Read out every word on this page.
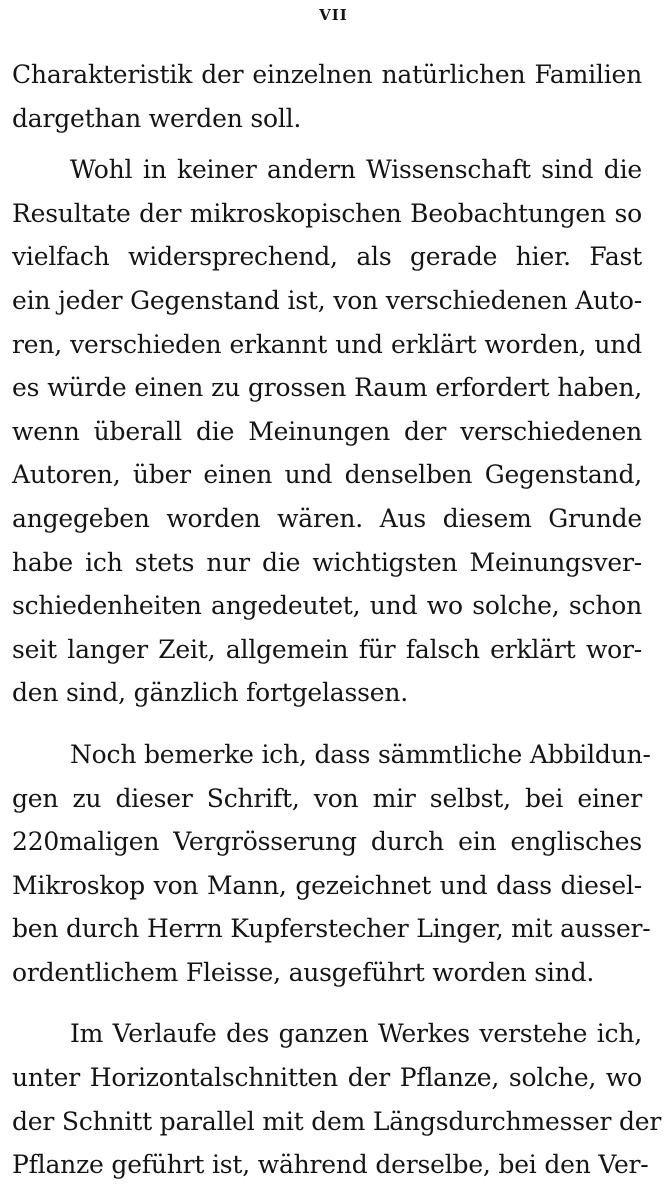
VII
Charakteristik der einzelnen natürlichen Familien
dargethan werden soll.
Wohl in keiner andern Wissenschaft sind die
Resultate der mikroskopischen Beobachtungen so
vielfach widersprechend, als gerade hier. Fast
ein jeder Gegenstand ist, von verschiedenen Auto-
ren, verschieden erkannt und erklärt worden, und
es würde einen zu grossen Raum erfordert haben,
wenn überall die Meinungen der verschiedenen
Autoren, über einen und denselben Gegenstand,
angegeben worden wären. Aus diesem Grunde
habe ich stets nur die wichtigsten Meinungsver-
schiedenheiten angedeutet, und wo solche, schon
seit langer Zeit, allgemein für falsch erklärt wor-
den sind, gänzlich fortgelassen.
Noch bemerke ich, dass sämmtliche Abbildun-
gen zu dieser Schrift, von mir selbst, bei einer
220maligen Vergrösserung durch ein englisches
Mikroskop von Mann, gezeichnet und dass diesel-
ben durch Herrn Kupferstecher Linger, mit ausser-
ordentlichem Fleisse, ausgeführt worden sind.
Im Verlaufe des ganzen Werkes verstehe ich,
unter Horizontalschnitten der Pflanze, solche, wo
der Schnitt parallel mit dem Längsdurchmesser der
Pflanze geführt ist, während derselbe, bei den Ver-
